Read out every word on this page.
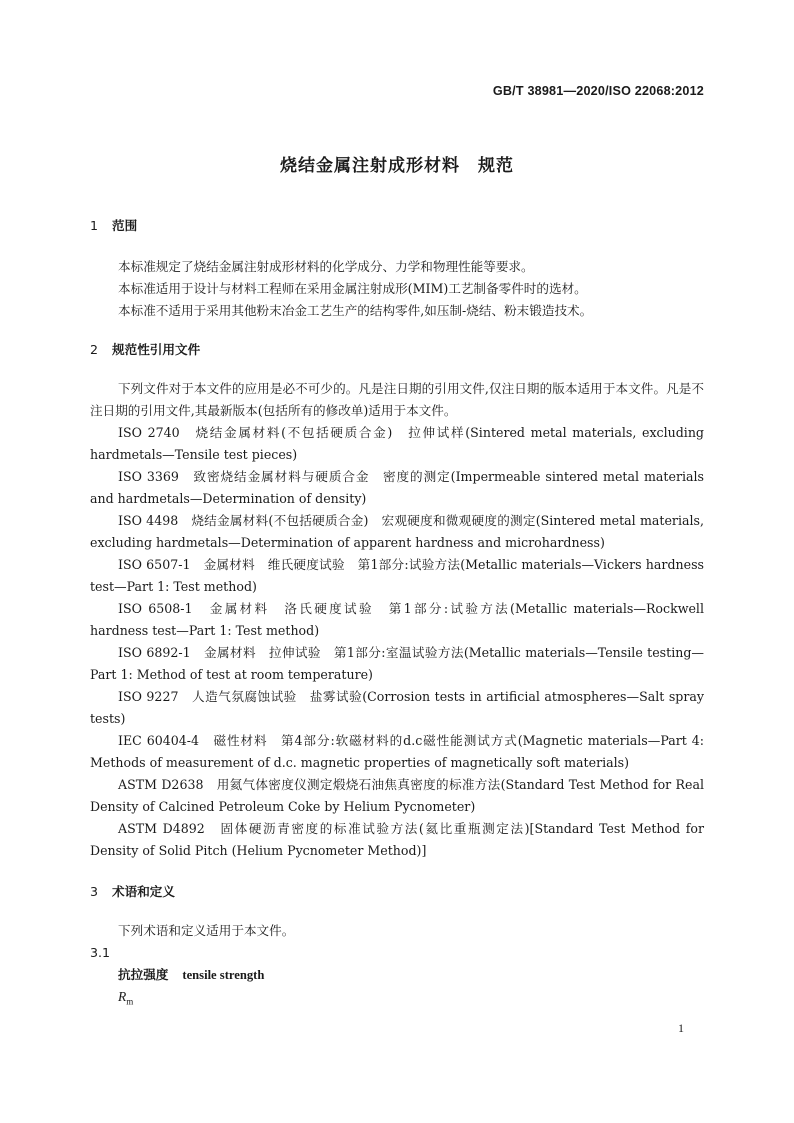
GB/T 38981—2020/ISO 22068:2012
烧结金属注射成形材料　规范
1 范围

本标准规定了烧结金属注射成形材料的化学成分、力学和物理性能等要求。

本标准适用于设计与材料工程师在采用金属注射成形(MIM)工艺制备零件时的选材。

本标准不适用于采用其他粉末冶金工艺生产的结构零件,如压制-烧结、粉末锻造技术。

2 规范性引用文件

下列文件对于本文件的应用是必不可少的。凡是注日期的引用文件,仅注日期的版本适用于本文件。凡是不注日期的引用文件,其最新版本(包括所有的修改单)适用于本文件。

ISO 2740　烧结金属材料(不包括硬质合金)　拉伸试样(Sintered metal materials, excluding hardmetals—Tensile test pieces)

ISO 3369　致密烧结金属材料与硬质合金　密度的测定(Impermeable sintered metal materials and hardmetals—Determination of density)

ISO 4498　烧结金属材料(不包括硬质合金)　宏观硬度和微观硬度的测定(Sintered metal materials, excluding hardmetals—Determination of apparent hardness and microhardness)

ISO 6507-1　金属材料　维氏硬度试验　第1部分:试验方法(Metallic materials—Vickers hardness test—Part 1: Test method)

ISO 6508-1　金属材料　洛氏硬度试验　第1部分:试验方法(Metallic materials—Rockwell hardness test—Part 1: Test method)

ISO 6892-1　金属材料　拉伸试验　第1部分:室温试验方法(Metallic materials—Tensile testing—Part 1: Method of test at room temperature)

ISO 9227　人造气氛腐蚀试验　盐雾试验(Corrosion tests in artificial atmospheres—Salt spray tests)

IEC 60404-4　磁性材料　第4部分:软磁材料的d.c磁性能测试方式(Magnetic materials—Part 4: Methods of measurement of d.c. magnetic properties of magnetically soft materials)

ASTM D2638　用氦气体密度仪测定煅烧石油焦真密度的标准方法(Standard Test Method for Real Density of Calcined Petroleum Coke by Helium Pycnometer)

ASTM D4892　固体硬沥青密度的标准试验方法(氦比重瓶测定法)[Standard Test Method for Density of Solid Pitch (Helium Pycnometer Method)]

3 术语和定义

下列术语和定义适用于本文件。

3.1
抗拉强度 tensile strength
$R_m$
1
